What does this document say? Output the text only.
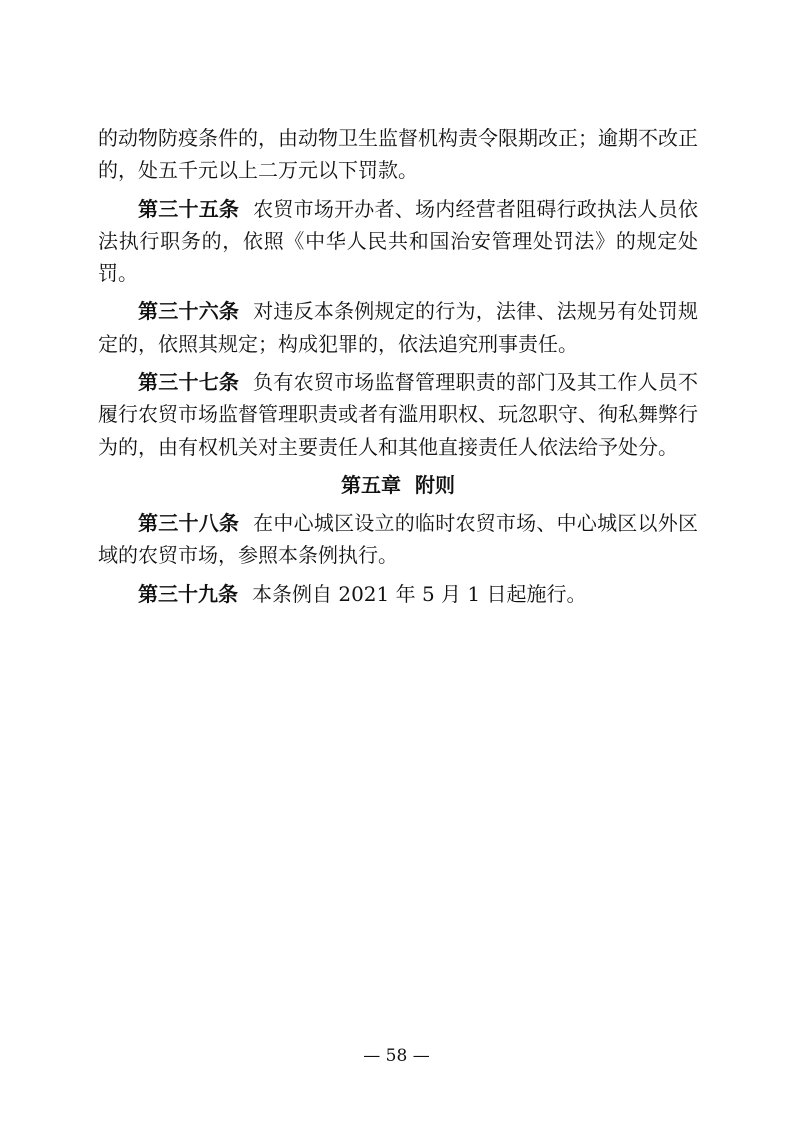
的动物防疫条件的，由动物卫生监督机构责令限期改正；逾期不改正的，处五千元以上二万元以下罚款。

第三十五条 农贸市场开办者、场内经营者阻碍行政执法人员依法执行职务的，依照《中华人民共和国治安管理处罚法》的规定处罚。

第三十六条 对违反本条例规定的行为，法律、法规另有处罚规定的，依照其规定；构成犯罪的，依法追究刑事责任。

第三十七条 负有农贸市场监督管理职责的部门及其工作人员不履行农贸市场监督管理职责或者有滥用职权、玩忽职守、徇私舞弊行为的，由有权机关对主要责任人和其他直接责任人依法给予处分。

第五章 附则

第三十八条 在中心城区设立的临时农贸市场、中心城区以外区域的农贸市场，参照本条例执行。

第三十九条 本条例自 2021 年 5 月 1 日起施行。

— 58 —
